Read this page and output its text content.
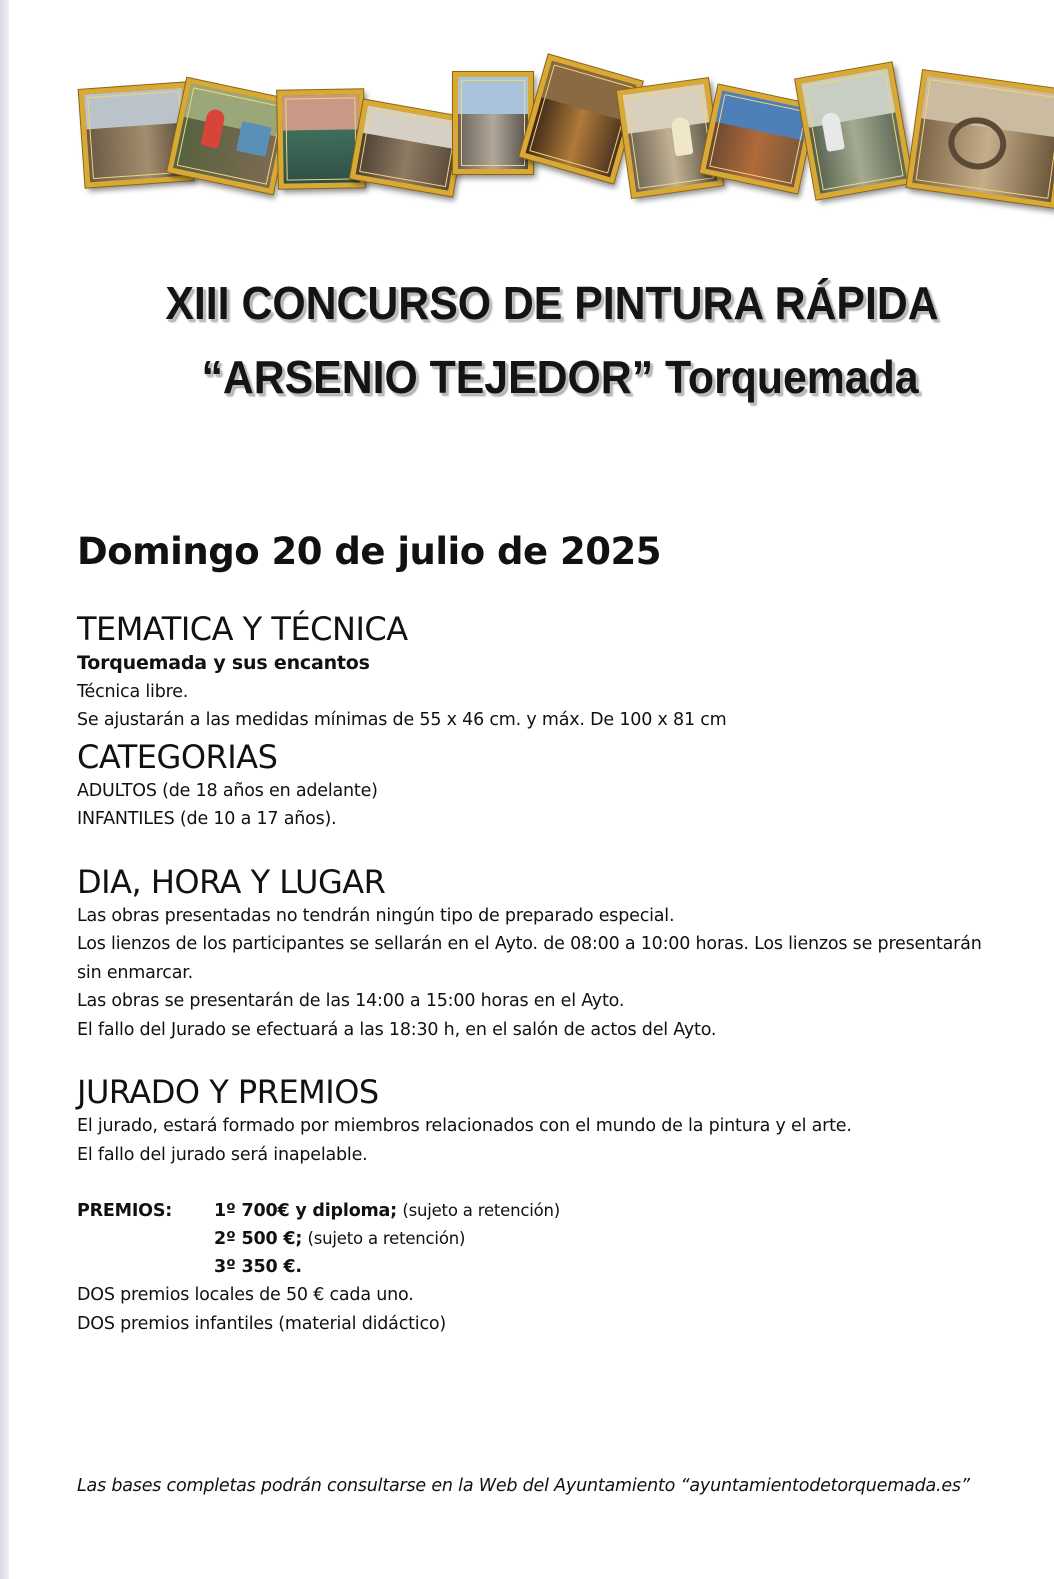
XIII CONCURSO DE PINTURA RÁPIDA
“ARSENIO TEJEDOR” Torquemada
Domingo 20 de julio de 2025
TEMATICA Y TÉCNICA

Torquemada y sus encantos

Técnica libre.

Se ajustarán a las medidas mínimas de 55 x 46 cm. y máx. De 100 x 81 cm

CATEGORIAS

ADULTOS (de 18 años en adelante)

INFANTILES (de 10 a 17 años).

DIA, HORA Y LUGAR

Las obras presentadas no tendrán ningún tipo de preparado especial.

Los lienzos de los participantes se sellarán en el Ayto. de 08:00 a 10:00 horas. Los lienzos se presentarán

sin enmarcar.

Las obras se presentarán de las 14:00 a 15:00 horas en el Ayto.

El fallo del Jurado se efectuará a las 18:30 h, en el salón de actos del Ayto.

JURADO Y PREMIOS

El jurado, estará formado por miembros relacionados con el mundo de la pintura y el arte.

El fallo del jurado será inapelable.

PREMIOS:	1º 700€ y diploma; (sujeto a retención)
2º 500 €; (sujeto a retención)
3º 350 €.

DOS premios locales de 50 € cada uno.

DOS premios infantiles (material didáctico)

Las bases completas podrán consultarse en la Web del Ayuntamiento “ayuntamientodetorquemada.es”
